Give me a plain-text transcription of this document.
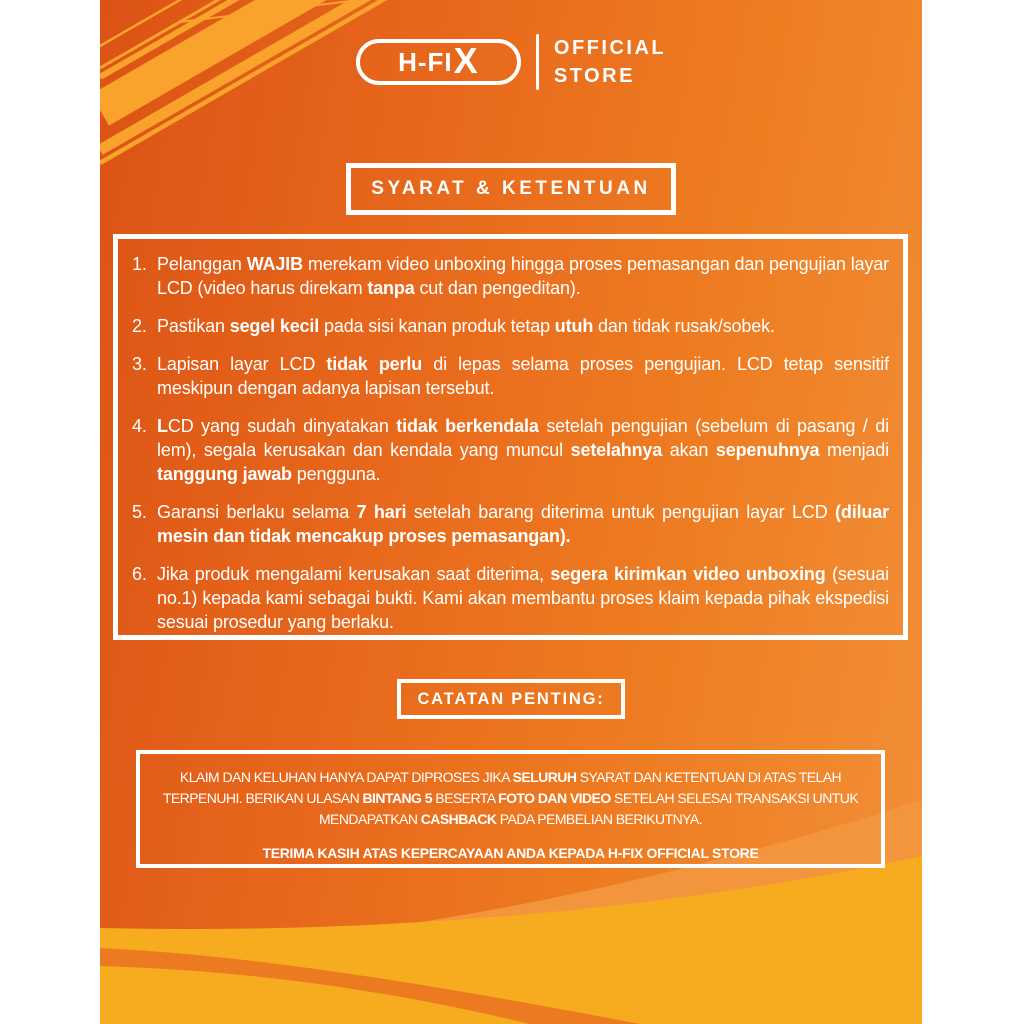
H-FI X	OFFICIAL
STORE
SYARAT & KETENTUAN
1. Pelanggan WAJIB merekam video unboxing hingga proses pemasangan dan pengujian layar LCD (video harus direkam tanpa cut dan pengeditan).
2. Pastikan segel kecil pada sisi kanan produk tetap utuh dan tidak rusak/sobek.
3. Lapisan layar LCD tidak perlu di lepas selama proses pengujian. LCD tetap sensitif meskipun dengan adanya lapisan tersebut.
4. LCD yang sudah dinyatakan tidak berkendala setelah pengujian (sebelum di pasang / di lem), segala kerusakan dan kendala yang muncul setelahnya akan sepenuhnya menjadi tanggung jawab pengguna.
5. Garansi berlaku selama 7 hari setelah barang diterima untuk pengujian layar LCD (diluar mesin dan tidak mencakup proses pemasangan).
6. Jika produk mengalami kerusakan saat diterima, segera kirimkan video unboxing (sesuai no.1) kepada kami sebagai bukti. Kami akan membantu proses klaim kepada pihak ekspedisi sesuai prosedur yang berlaku.
CATATAN PENTING:
KLAIM DAN KELUHAN HANYA DAPAT DIPROSES JIKA SELURUH SYARAT DAN KETENTUAN DI ATAS TELAH TERPENUHI. BERIKAN ULASAN BINTANG 5 BESERTA FOTO DAN VIDEO SETELAH SELESAI TRANSAKSI UNTUK MENDAPATKAN CASHBACK PADA PEMBELIAN BERIKUTNYA.
TERIMA KASIH ATAS KEPERCAYAAN ANDA KEPADA H-FIX OFFICIAL STORE
